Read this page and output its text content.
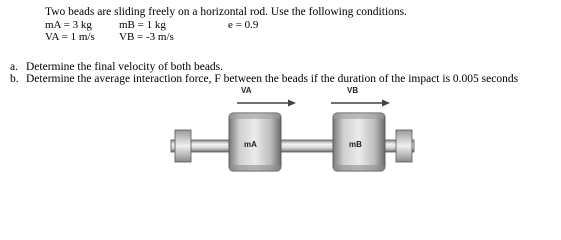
Two beads are sliding freely on a horizontal rod. Use the following conditions.
mA = 3 kg mB = 1 kg	e = 0.9
VA = 1 m/s VB = -3 m/s
a. Determine the final velocity of both beads.
b. Determine the average interaction force, F between the beads if the duration of the impact is 0.005 seconds
VA	VB
mA	mB
